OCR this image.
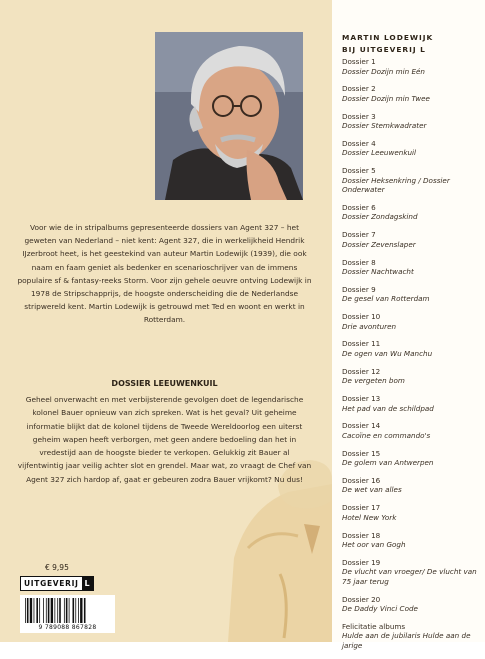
Voor wie de in stripalbums gepresenteerde dossiers van Agent 327 – het geweten van Nederland – niet kent: Agent 327, die in werkelijkheid Hendrik IJzerbroot heet, is het geestekind van auteur Martin Lodewijk (1939), die ook naam en faam geniet als bedenker en scenarioschrijver van de immens populaire sf & fantasy-reeks Storm. Voor zijn gehele oeuvre ontving Lodewijk in 1978 de Stripschapprijs, de hoogste onderscheiding die de Nederlandse stripwereld kent. Martin Lodewijk is getrouwd met Ted en woont en werkt in Rotterdam.

DOSSIER LEEUWENKUIL

Geheel onverwacht en met verbijsterende gevolgen doet de legendarische kolonel Bauer opnieuw van zich spreken. Wat is het geval? Uit geheime informatie blijkt dat de kolonel tijdens de Tweede Wereldoorlog een uiterst geheim wapen heeft verborgen, met geen andere bedoeling dan het in vredestijd aan de hoogste bieder te verkopen. Gelukkig zit Bauer al vijfentwintig jaar veilig achter slot en grendel. Maar wat, zo vraagt de Chef van Agent 327 zich hardop af, gaat er gebeuren zodra Bauer vrijkomt? Nu dus!

€ 9,95
UITGEVERIJ L
9 789088 867828
MARTIN LODEWIJK
BIJ UITGEVERIJ L
Dossier 1
Dossier Dozijn min Eén
Dossier 2
Dossier Dozijn min Twee
Dossier 3
Dossier Stemkwadrater
Dossier 4
Dossier Leeuwenkuil
Dossier 5
Dossier Heksenkring / Dossier Onderwater
Dossier 6
Dossier Zondagskind
Dossier 7
Dossier Zevenslaper
Dossier 8
Dossier Nachtwacht
Dossier 9
De gesel van Rotterdam
Dossier 10
Drie avonturen
Dossier 11
De ogen van Wu Manchu
Dossier 12
De vergeten bom
Dossier 13
Het pad van de schildpad
Dossier 14
Cacoïne en commando's
Dossier 15
De golem van Antwerpen
Dossier 16
De wet van alles
Dossier 17
Hotel New York
Dossier 18
Het oor van Gogh
Dossier 19
De vlucht van vroeger/ De vlucht van 75 jaar terug
Dossier 20
De Daddy Vinci Code
Felicitatie albums
Hulde aan de jubilaris Hulde aan de jarige
